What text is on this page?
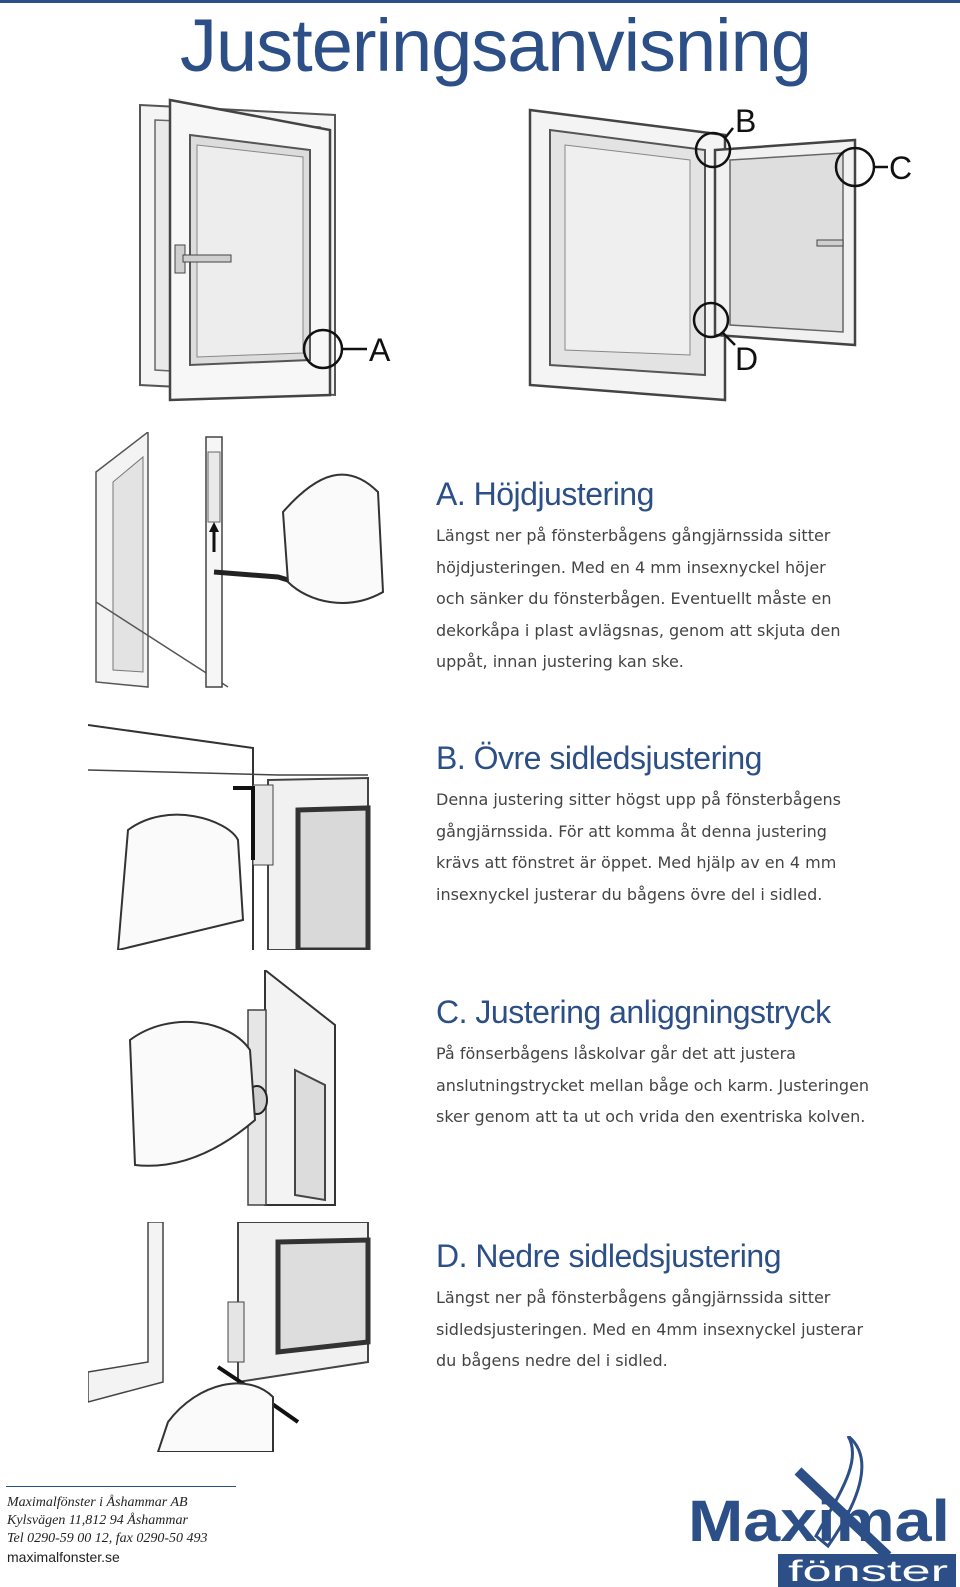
Justeringsanvisning
A
B
C
D
A. Höjdjustering

Längst ner på fönsterbågens gångjärnssida sitter
höjdjusteringen. Med en 4 mm insexnyckel höjer
och sänker du fönsterbågen. Eventuellt måste en
dekorkåpa i plast avlägsnas, genom att skjuta den
uppåt, innan justering kan ske.

B. Övre sidledsjustering

Denna justering sitter högst upp på fönsterbågens
gångjärnssida. För att komma åt denna justering
krävs att fönstret är öppet. Med hjälp av en 4 mm
insexnyckel justerar du bågens övre del i sidled.

C. Justering anliggningstryck

På fönserbågens låskolvar går det att justera
anslutningstrycket mellan båge och karm. Justeringen
sker genom att ta ut och vrida den exentriska kolven.

D. Nedre sidledsjustering

Längst ner på fönsterbågens gångjärnssida sitter
sidledsjusteringen. Med en 4mm insexnyckel justerar
du bågens nedre del i sidled.

Maximalfönster i Åshammar AB
Kylsvägen 11,812 94 Åshammar
Tel 0290-59 00 12, fax 0290-50 493
maximalfonster.se
Maximal
fönster
